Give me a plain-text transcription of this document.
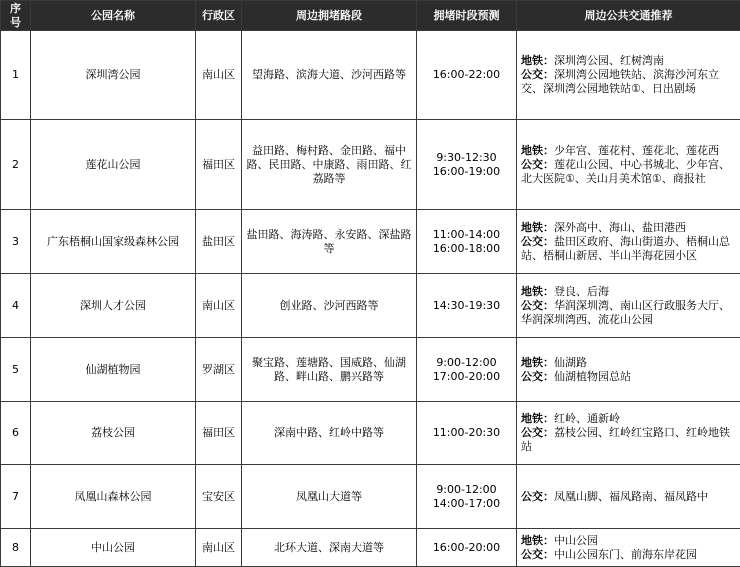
序号	公园名称	行政区	周边拥堵路段	拥堵时段预测	周边公共交通推荐
1	深圳湾公园	南山区	望海路、滨海大道、沙河西路等	16:00-22:00	地铁：深圳湾公园、红树湾南
公交：深圳湾公园地铁站、滨海沙河东立交、深圳湾公园地铁站①、日出剧场

2	莲花山公园	福田区	益田路、梅村路、金田路、福中路、民田路、中康路、雨田路、红荔路等	9:30-12:30
16:00-19:00	地铁：少年宫、莲花村、莲花北、莲花西
公交：莲花山公园、中心书城北、少年宫、北大医院①、关山月美术馆①、商报社

3	广东梧桐山国家级森林公园	盐田区	盐田路、海涛路、永安路、深盐路等	11:00-14:00
16:00-18:00	地铁：深外高中、海山、盐田港西
公交：盐田区政府、海山街道办、梧桐山总站、梧桐山新居、半山半海花园小区

4	深圳人才公园	南山区	创业路、沙河西路等	14:30-19:30	地铁：登良、后海
公交：华润深圳湾、南山区行政服务大厅、华润深圳湾西、流花山公园

5	仙湖植物园	罗湖区	聚宝路、莲塘路、国威路、仙湖路、畔山路、鹏兴路等	9:00-12:00
17:00-20:00	地铁：仙湖路
公交：仙湖植物园总站

6	荔枝公园	福田区	深南中路、红岭中路等	11:00-20:30	地铁：红岭、通新岭
公交：荔枝公园、红岭红宝路口、红岭地铁站

7	凤凰山森林公园	宝安区	凤凰山大道等	9:00-12:00
14:00-17:00	公交：凤凰山脚、福凤路南、福凤路中

8	中山公园	南山区	北环大道、深南大道等	16:00-20:00	地铁：中山公园
公交：中山公园东门、前海东岸花园
